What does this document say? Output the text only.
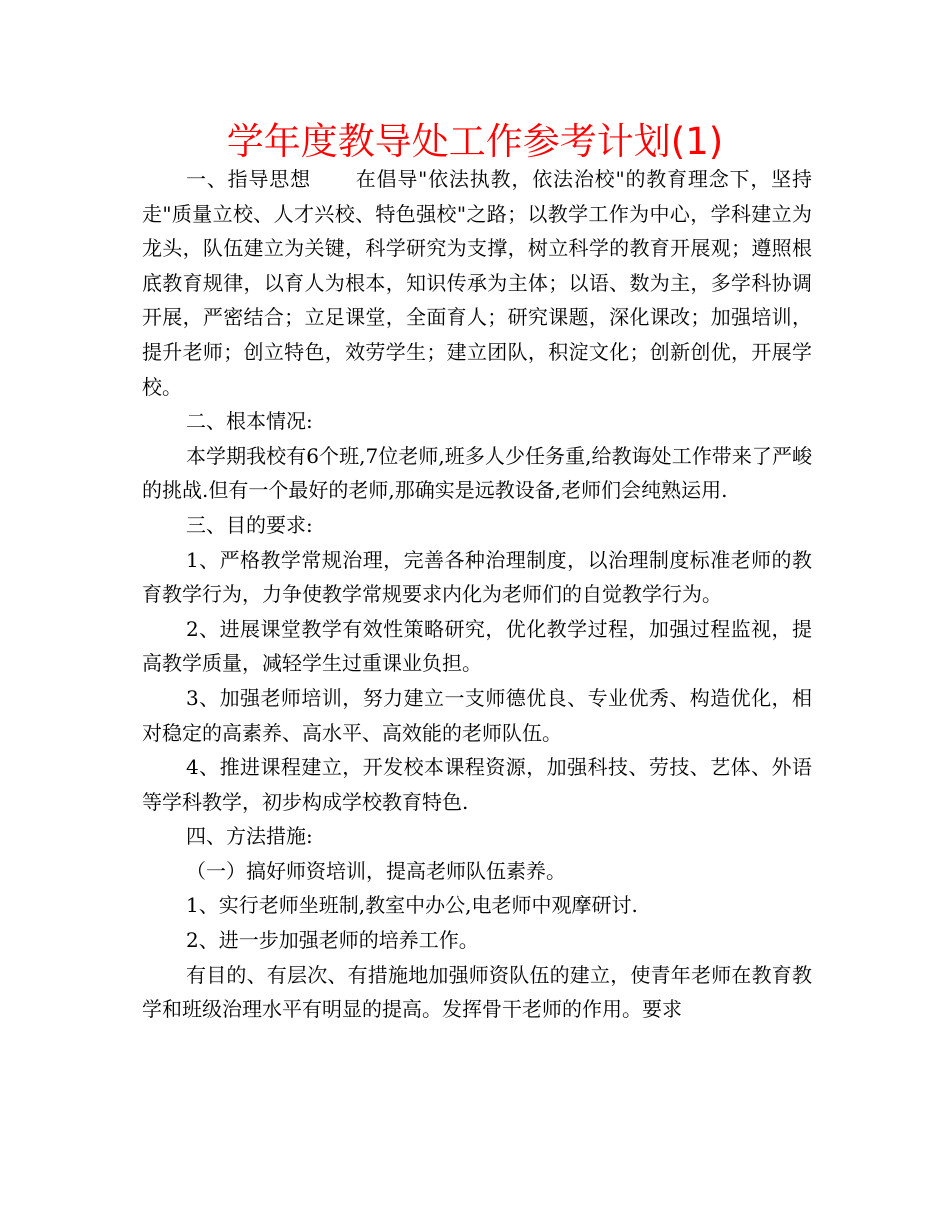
学年度教导处工作参考计划(1)

一、指导思想 在倡导"依法执教，依法治校"的教育理念下，坚持走"质量立校、人才兴校、特色强校"之路；以教学工作为中心，学科建立为龙头，队伍建立为关键，科学研究为支撑，树立科学的教育开展观；遵照根底教育规律，以育人为根本，知识传承为主体；以语、数为主，多学科协调开展，严密结合；立足课堂，全面育人；研究课题，深化课改；加强培训，提升老师；创立特色，效劳学生；建立团队，积淀文化；创新创优，开展学校。

二、根本情况:

本学期我校有6个班,7位老师,班多人少任务重,给教诲处工作带来了严峻的挑战.但有一个最好的老师,那确实是远教设备,老师们会纯熟运用.

三、目的要求:

1、严格教学常规治理，完善各种治理制度，以治理制度标准老师的教育教学行为，力争使教学常规要求内化为老师们的自觉教学行为。

2、进展课堂教学有效性策略研究，优化教学过程，加强过程监视，提高教学质量，减轻学生过重课业负担。

3、加强老师培训，努力建立一支师德优良、专业优秀、构造优化，相对稳定的高素养、高水平、高效能的老师队伍。

4、推进课程建立，开发校本课程资源，加强科技、劳技、艺体、外语等学科教学，初步构成学校教育特色.

四、方法措施:

（一）搞好师资培训，提高老师队伍素养。

1、实行老师坐班制,教室中办公,电老师中观摩研讨.

2、进一步加强老师的培养工作。

有目的、有层次、有措施地加强师资队伍的建立，使青年老师在教育教学和班级治理水平有明显的提高。发挥骨干老师的作用。要求
